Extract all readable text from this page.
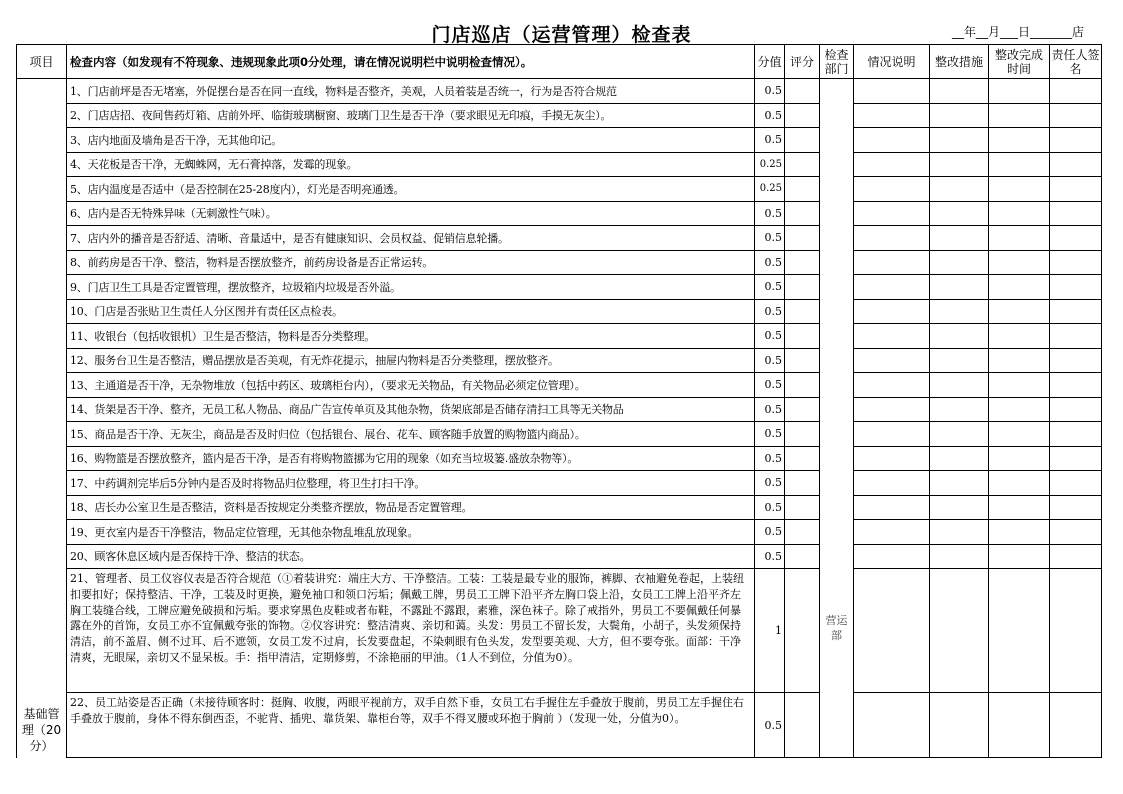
门店巡店（运营管理）检查表	__年__月___日_______店
项目	检查内容（如发现有不符现象、违规现象此项0分处理，请在情况说明栏中说明检查情况）。	分值	评分	检查部门	情况说明	整改措施	整改完成时间	责任人签名
基础管理（20分）	1、门店前坪是否无堵塞，外促摆台是否在同一直线，物料是否整齐，美观，人员着装是否统一，行为是否符合规范	0.5		营运部				
	2、门店店招、夜间售药灯箱、店前外坪、临街玻璃橱窗、玻璃门卫生是否干净（要求眼见无印痕，手摸无灰尘）。	0.5						
	3、店内地面及墙角是否干净，无其他印记。	0.5						
	4、天花板是否干净，无蜘蛛网，无石膏掉落，发霉的现象。	0.25						
	5、店内温度是否适中（是否控制在25-28度内），灯光是否明亮通透。	0.25						
	6、店内是否无特殊异味（无刺激性气味）。	0.5						
	7、店内外的播音是否舒适、清晰、音量适中，是否有健康知识、会员权益、促销信息轮播。	0.5						
	8、前药房是否干净、整洁，物料是否摆放整齐，前药房设备是否正常运转。	0.5						
	9、门店卫生工具是否定置管理，摆放整齐，垃圾箱内垃圾是否外溢。	0.5						
	10、门店是否张贴卫生责任人分区图并有责任区点检表。	0.5						
	11、收银台（包括收银机）卫生是否整洁，物料是否分类整理。	0.5						
	12、服务台卫生是否整洁，赠品摆放是否美观，有无炸花提示，抽屉内物料是否分类整理，摆放整齐。	0.5						
	13、主通道是否干净，无杂物堆放（包括中药区、玻璃柜台内），（要求无关物品，有关物品必须定位管理）。	0.5						
	14、货架是否干净、整齐，无员工私人物品、商品广告宣传单页及其他杂物，货架底部是否储存清扫工具等无关物品	0.5						
	15、商品是否干净、无灰尘，商品是否及时归位（包括银台、展台、花车、顾客随手放置的购物篮内商品）。	0.5						
	16、购物篮是否摆放整齐，篮内是否干净，是否有将购物篮挪为它用的现象（如充当垃圾篓.盛放杂物等）。	0.5						
	17、中药调剂完毕后5分钟内是否及时将物品归位整理，将卫生打扫干净。	0.5						
	18、店长办公室卫生是否整洁，资料是否按规定分类整齐摆放，物品是否定置管理。	0.5						
	19、更衣室内是否干净整洁，物品定位管理，无其他杂物乱堆乱放现象。	0.5						
	20、顾客休息区域内是否保持干净、整洁的状态。	0.5						
	21、管理者、员工仪容仪表是否符合规范（①着装讲究：端庄大方、干净整洁。工装：工装是最专业的服饰，裤脚、衣袖避免卷起，上装纽扣要扣好；保持整洁、干净，工装及时更换，避免袖口和领口污垢；佩戴工牌，男员工工牌下沿平齐左胸口袋上沿，女员工工牌上沿平齐左胸工装缝合线，工牌应避免破损和污垢。要求穿黑色皮鞋或者布鞋，不露趾不露跟，素雅，深色袜子。除了戒指外，男员工不要佩戴任何暴露在外的首饰，女员工亦不宜佩戴夸张的饰物。②仪容讲究：整洁清爽、亲切和蔼。头发：男员工不留长发，大鬓角，小胡子，头发须保持清洁，前不盖眉、侧不过耳、后不遮领，女员工发不过肩，长发要盘起，不染刺眼有色头发，发型要美观、大方，但不要夸张。面部：干净清爽，无眼屎，亲切又不显呆板。手：指甲清洁，定期修剪，不涂艳丽的甲油。（1人不到位，分值为0）。	1						
	22、员工站姿是否正确（未接待顾客时：挺胸、收腹，两眼平视前方，双手自然下垂，女员工右手握住左手叠放于腹前，男员工左手握住右手叠放于腹前，身体不得东倒西歪，不驼背、插兜、靠货架、靠柜台等，双手不得叉腰或环抱于胸前 ）（发现一处，分值为0）。	0.5						
